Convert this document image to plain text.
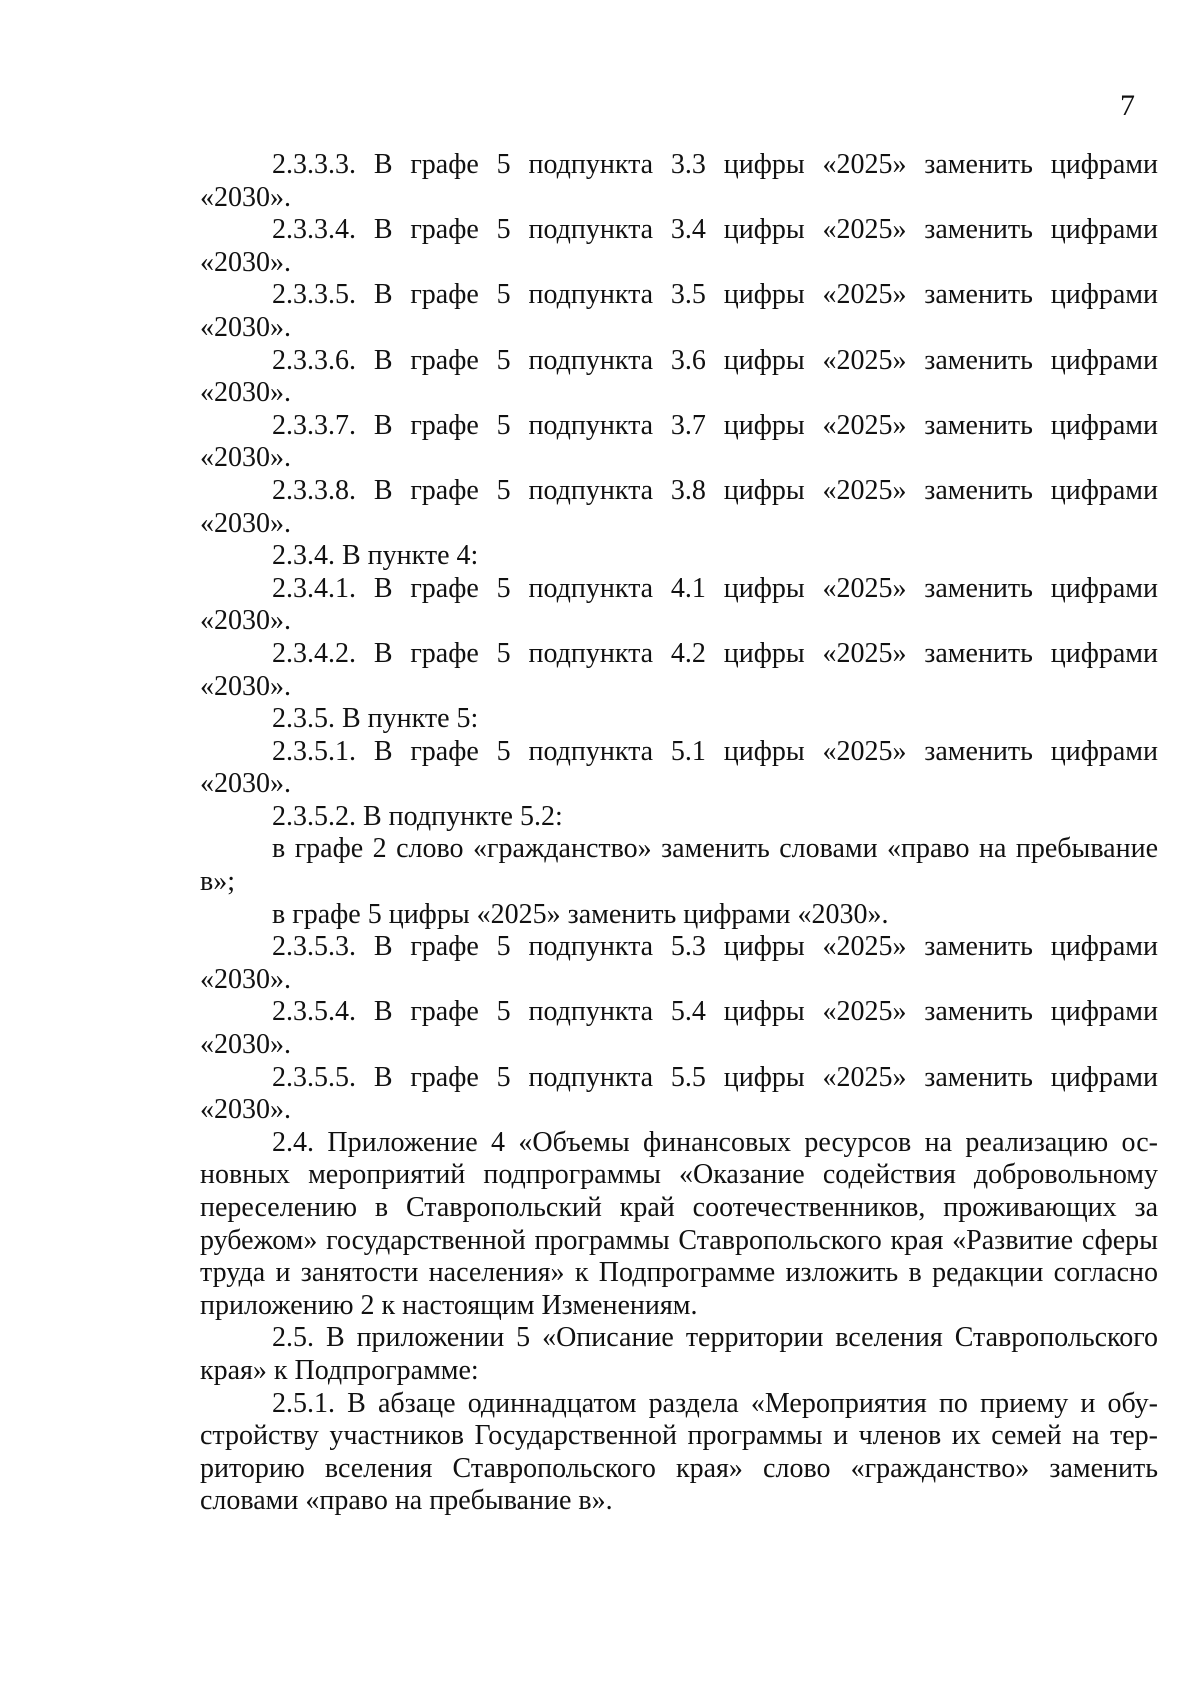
7

2.3.3.3. В графе 5 подпункта 3.3 цифры «2025» заменить цифрами «2030».

2.3.3.4. В графе 5 подпункта 3.4 цифры «2025» заменить цифрами «2030».

2.3.3.5. В графе 5 подпункта 3.5 цифры «2025» заменить цифрами «2030».

2.3.3.6. В графе 5 подпункта 3.6 цифры «2025» заменить цифрами «2030».

2.3.3.7. В графе 5 подпункта 3.7 цифры «2025» заменить цифрами «2030».

2.3.3.8. В графе 5 подпункта 3.8 цифры «2025» заменить цифрами «2030».

2.3.4. В пункте 4:

2.3.4.1. В графе 5 подпункта 4.1 цифры «2025» заменить цифрами «2030».

2.3.4.2. В графе 5 подпункта 4.2 цифры «2025» заменить цифрами «2030».

2.3.5. В пункте 5:

2.3.5.1. В графе 5 подпункта 5.1 цифры «2025» заменить цифрами «2030».

2.3.5.2. В подпункте 5.2:

в графе 2 слово «гражданство» заменить словами «право на пребывание в»;

в графе 5 цифры «2025» заменить цифрами «2030».

2.3.5.3. В графе 5 подпункта 5.3 цифры «2025» заменить цифрами «2030».

2.3.5.4. В графе 5 подпункта 5.4 цифры «2025» заменить цифрами «2030».

2.3.5.5. В графе 5 подпункта 5.5 цифры «2025» заменить цифрами «2030».

2.4. Приложение 4 «Объемы финансовых ресурсов на реализацию основных мероприятий подпрограммы «Оказание содействия добровольному переселению в Ставропольский край соотечественников, проживающих за рубежом» государственной программы Ставропольского края «Развитие сферы труда и занятости населения» к Подпрограмме изложить в редакции согласно приложению 2 к настоящим Изменениям.

2.5. В приложении 5 «Описание территории вселения Ставропольского края» к Подпрограмме:

2.5.1. В абзаце одиннадцатом раздела «Мероприятия по приему и обустройству участников Государственной программы и членов их семей на территорию вселения Ставропольского края» слово «гражданство» заменить словами «право на пребывание в».
